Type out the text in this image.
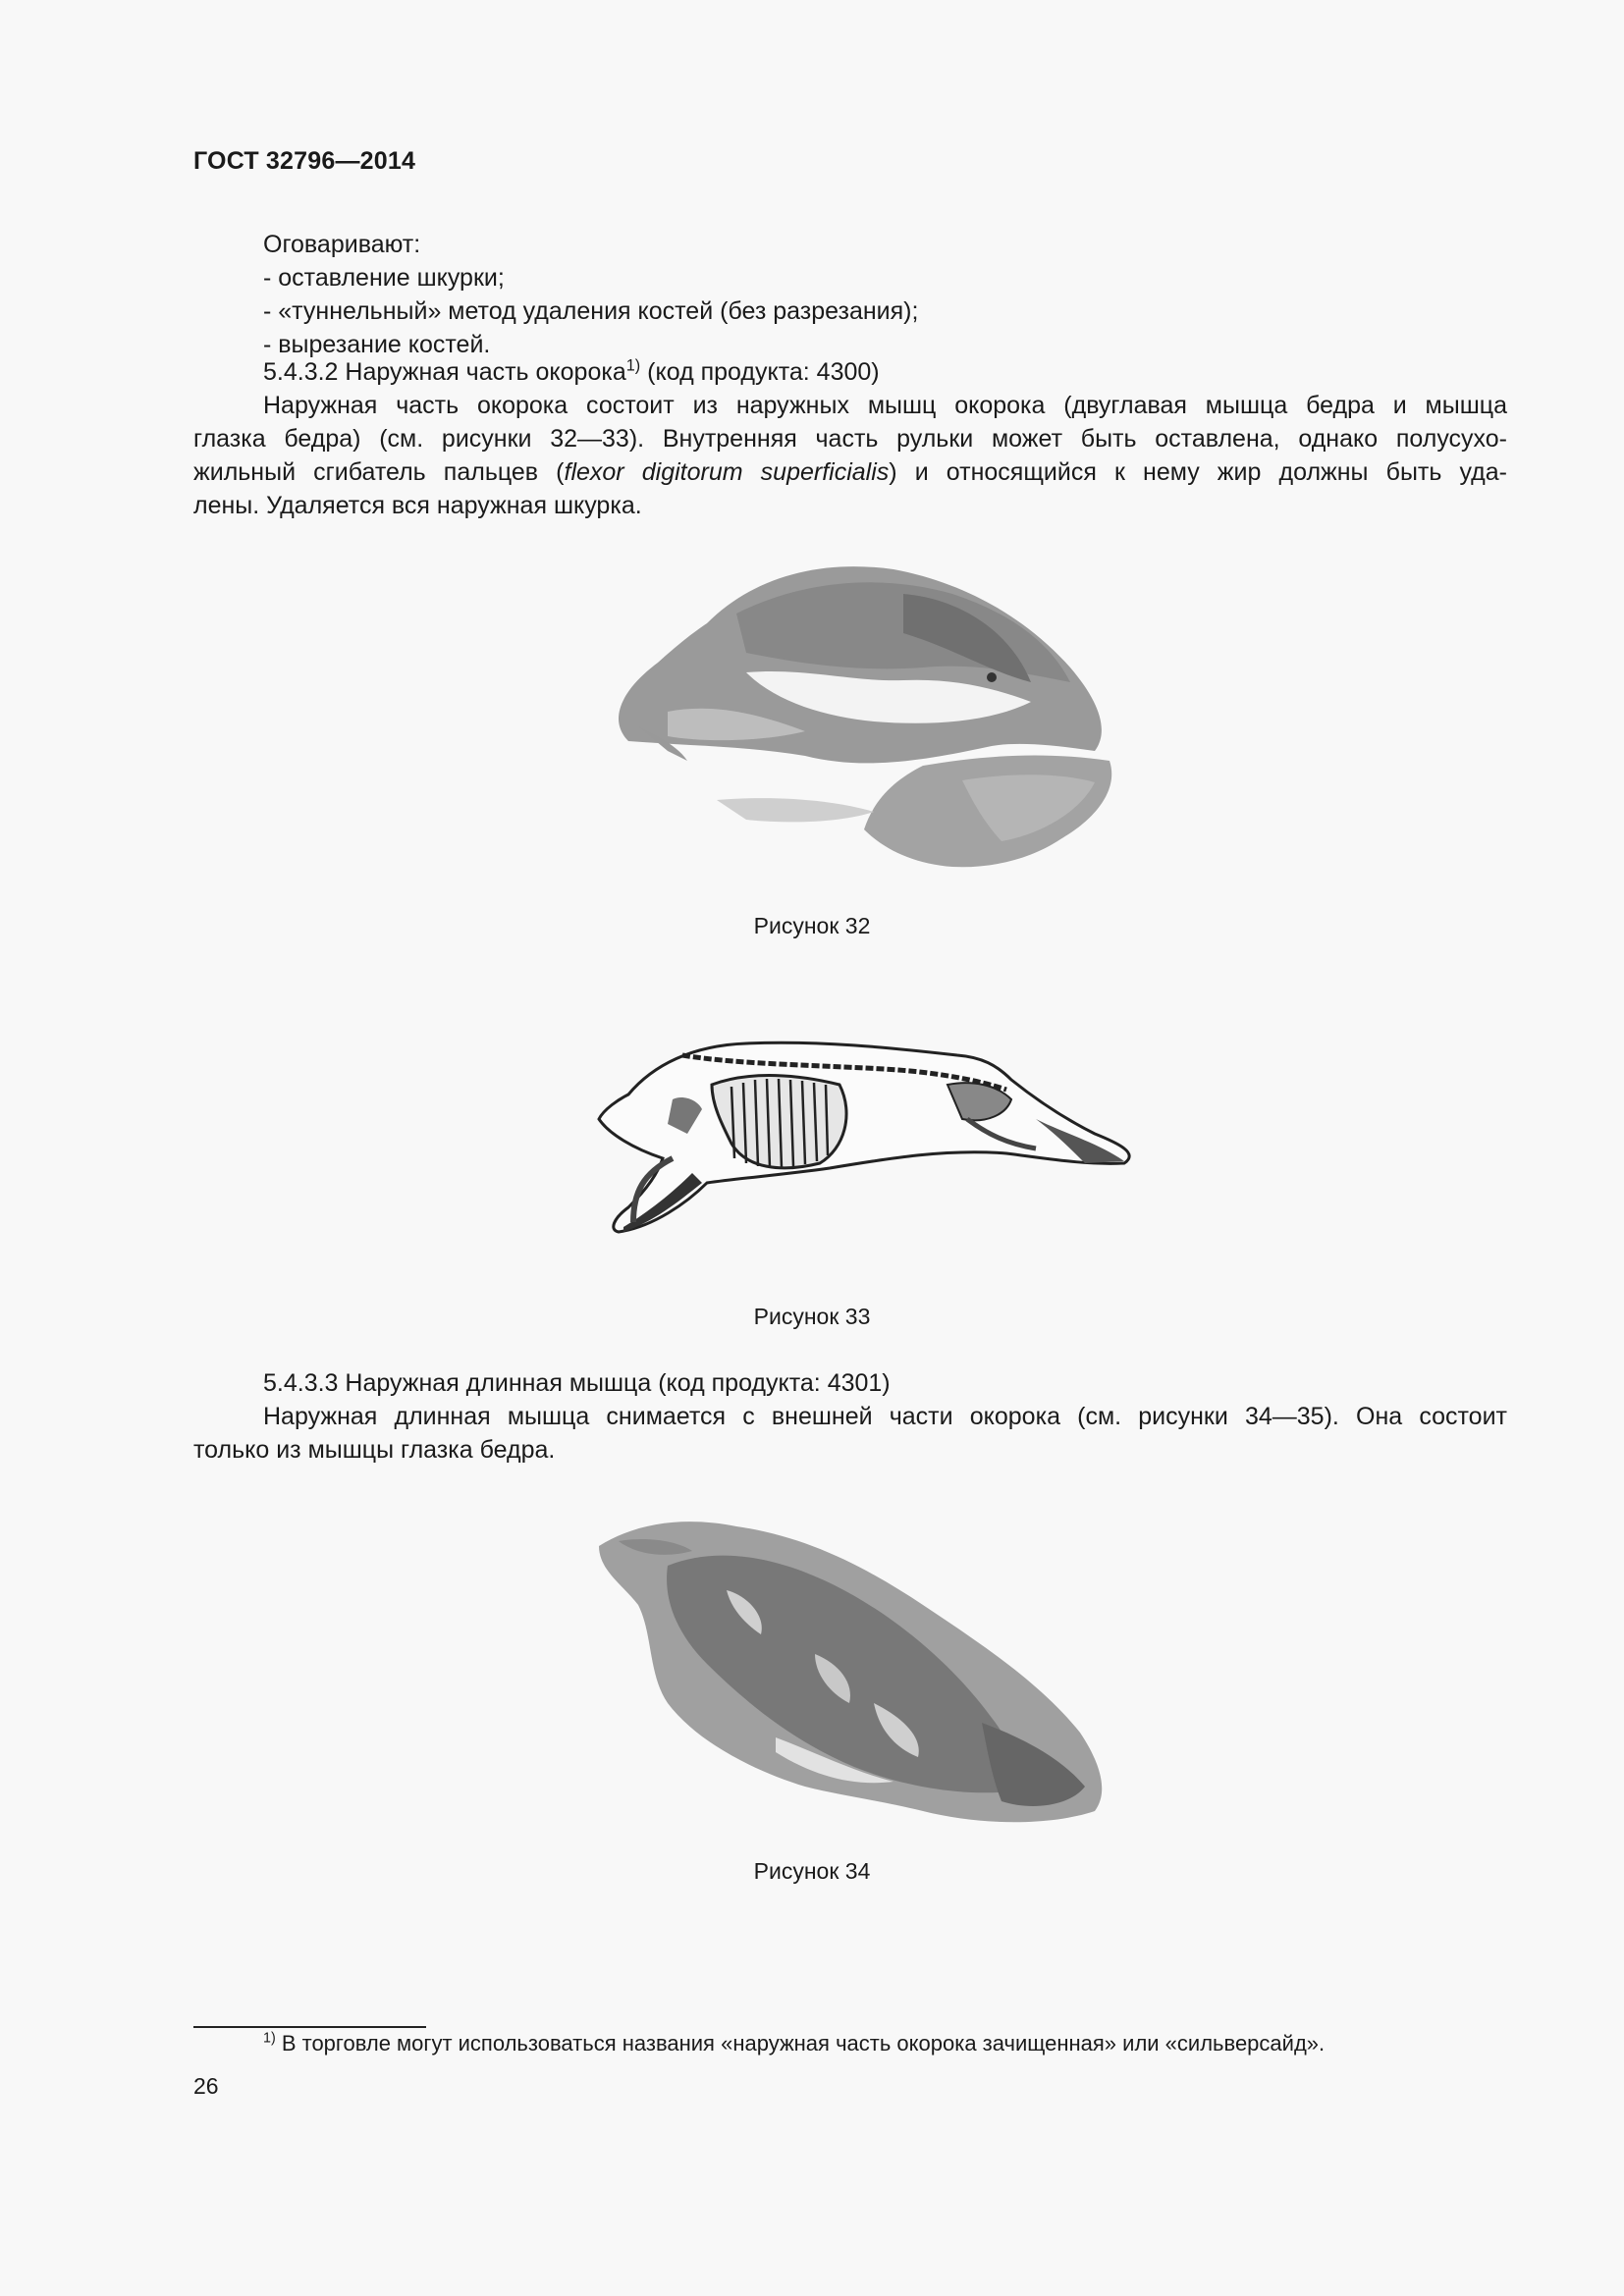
ГОСТ 32796—2014
Оговаривают:
- оставление шкурки;
- «туннельный» метод удаления костей (без разрезания);
- вырезание костей.
5.4.3.2 Наружная часть окорока$^{1)}$ (код продукта: 4300)
Наружная часть окорока состоит из наружных мышц окорока (двуглавая мышца бедра и мышца
глазка бедра) (см. рисунки 32—33). Внутренняя часть рульки может быть оставлена, однако полусухо-
жильный сгибатель пальцев (flexor digitorum superficialis) и относящийся к нему жир должны быть уда-
лены. Удаляется вся наружная шкурка.
Рисунок 32
Рисунок 33
5.4.3.3 Наружная длинная мышца (код продукта: 4301)
Наружная длинная мышца снимается с внешней части окорока (см. рисунки 34—35). Она состоит
только из мышцы глазка бедра.
Рисунок 34
$^{1)}$ В торговле могут использоваться названия «наружная часть окорока зачищенная» или «сильверсайд».
26
